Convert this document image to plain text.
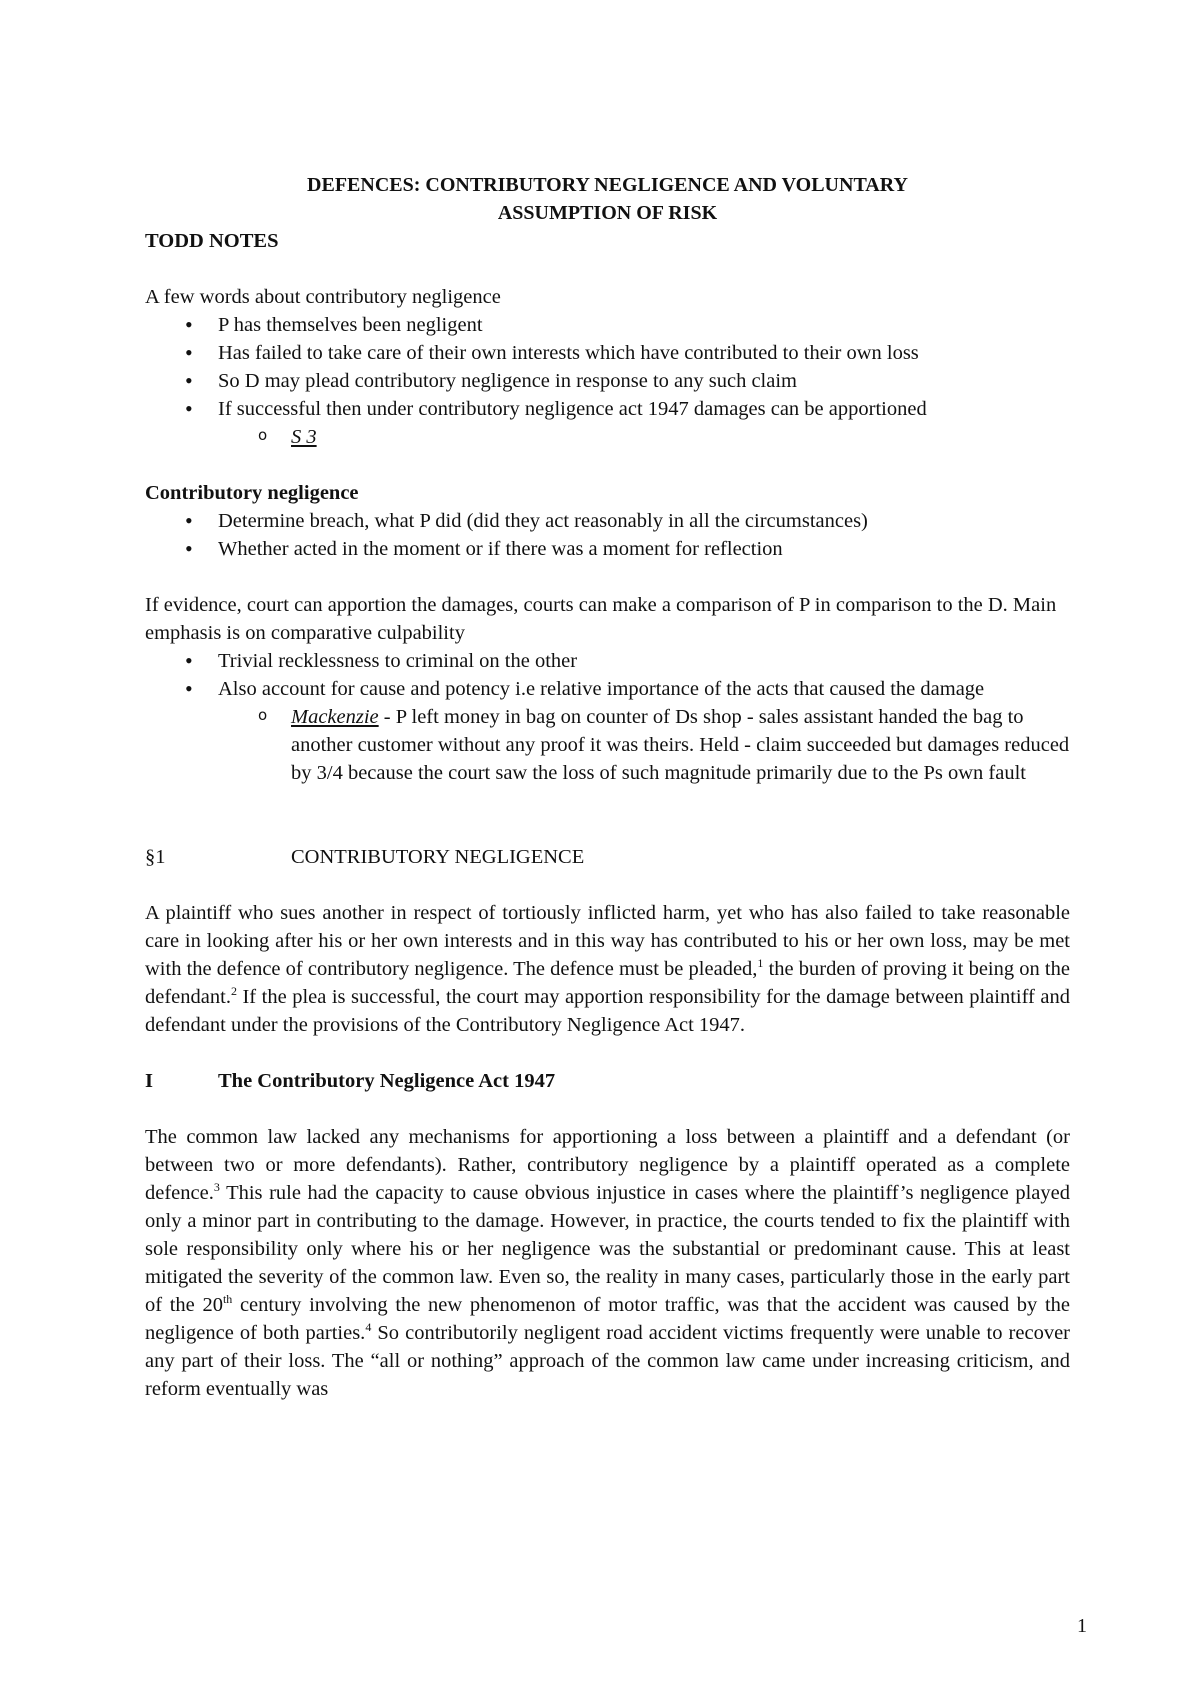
DEFENCES: CONTRIBUTORY NEGLIGENCE AND VOLUNTARY

ASSUMPTION OF RISK

TODD NOTES

A few words about contributory negligence

• P has themselves been negligent
• Has failed to take care of their own interests which have contributed to their own loss
• So D may plead contributory negligence in response to any such claim
• If successful then under contributory negligence act 1947 damages can be apportioned
o S 3

Contributory negligence

• Determine breach, what P did (did they act reasonably in all the circumstances)
• Whether acted in the moment or if there was a moment for reflection

If evidence, court can apportion the damages, courts can make a comparison of P in comparison to the D. Main emphasis is on comparative culpability

• Trivial recklessness to criminal on the other
• Also account for cause and potency i.e relative importance of the acts that caused the damage
o Mackenzie - P left money in bag on counter of Ds shop - sales assistant handed the bag to another customer without any proof it was theirs. Held - claim succeeded but damages reduced by 3/4 because the court saw the loss of such magnitude primarily due to the Ps own fault
§1	CONTRIBUTORY NEGLIGENCE

A plaintiff who sues another in respect of tortiously inflicted harm, yet who has also failed to take reasonable care in looking after his or her own interests and in this way has contributed to his or her own loss, may be met with the defence of contributory negligence. The defence must be pleaded,$^1$ the burden of proving it being on the defendant.$^2$ If the plea is successful, the court may apportion responsibility for the damage between plaintiff and defendant under the provisions of the Contributory Negligence Act 1947.

I	The Contributory Negligence Act 1947

The common law lacked any mechanisms for apportioning a loss between a plaintiff and a defendant (or between two or more defendants). Rather, contributory negligence by a plaintiff operated as a complete defence.$^3$ This rule had the capacity to cause obvious injustice in cases where the plaintiff’s negligence played only a minor part in contributing to the damage. However, in practice, the courts tended to fix the plaintiff with sole responsibility only where his or her negligence was the substantial or predominant cause. This at least mitigated the severity of the common law. Even so, the reality in many cases, particularly those in the early part of the 20th century involving the new phenomenon of motor traffic, was that the accident was caused by the negligence of both parties.$^4$ So contributorily negligent road accident victims frequently were unable to recover any part of their loss. The “all or nothing” approach of the common law came under increasing criticism, and reform eventually was

1
